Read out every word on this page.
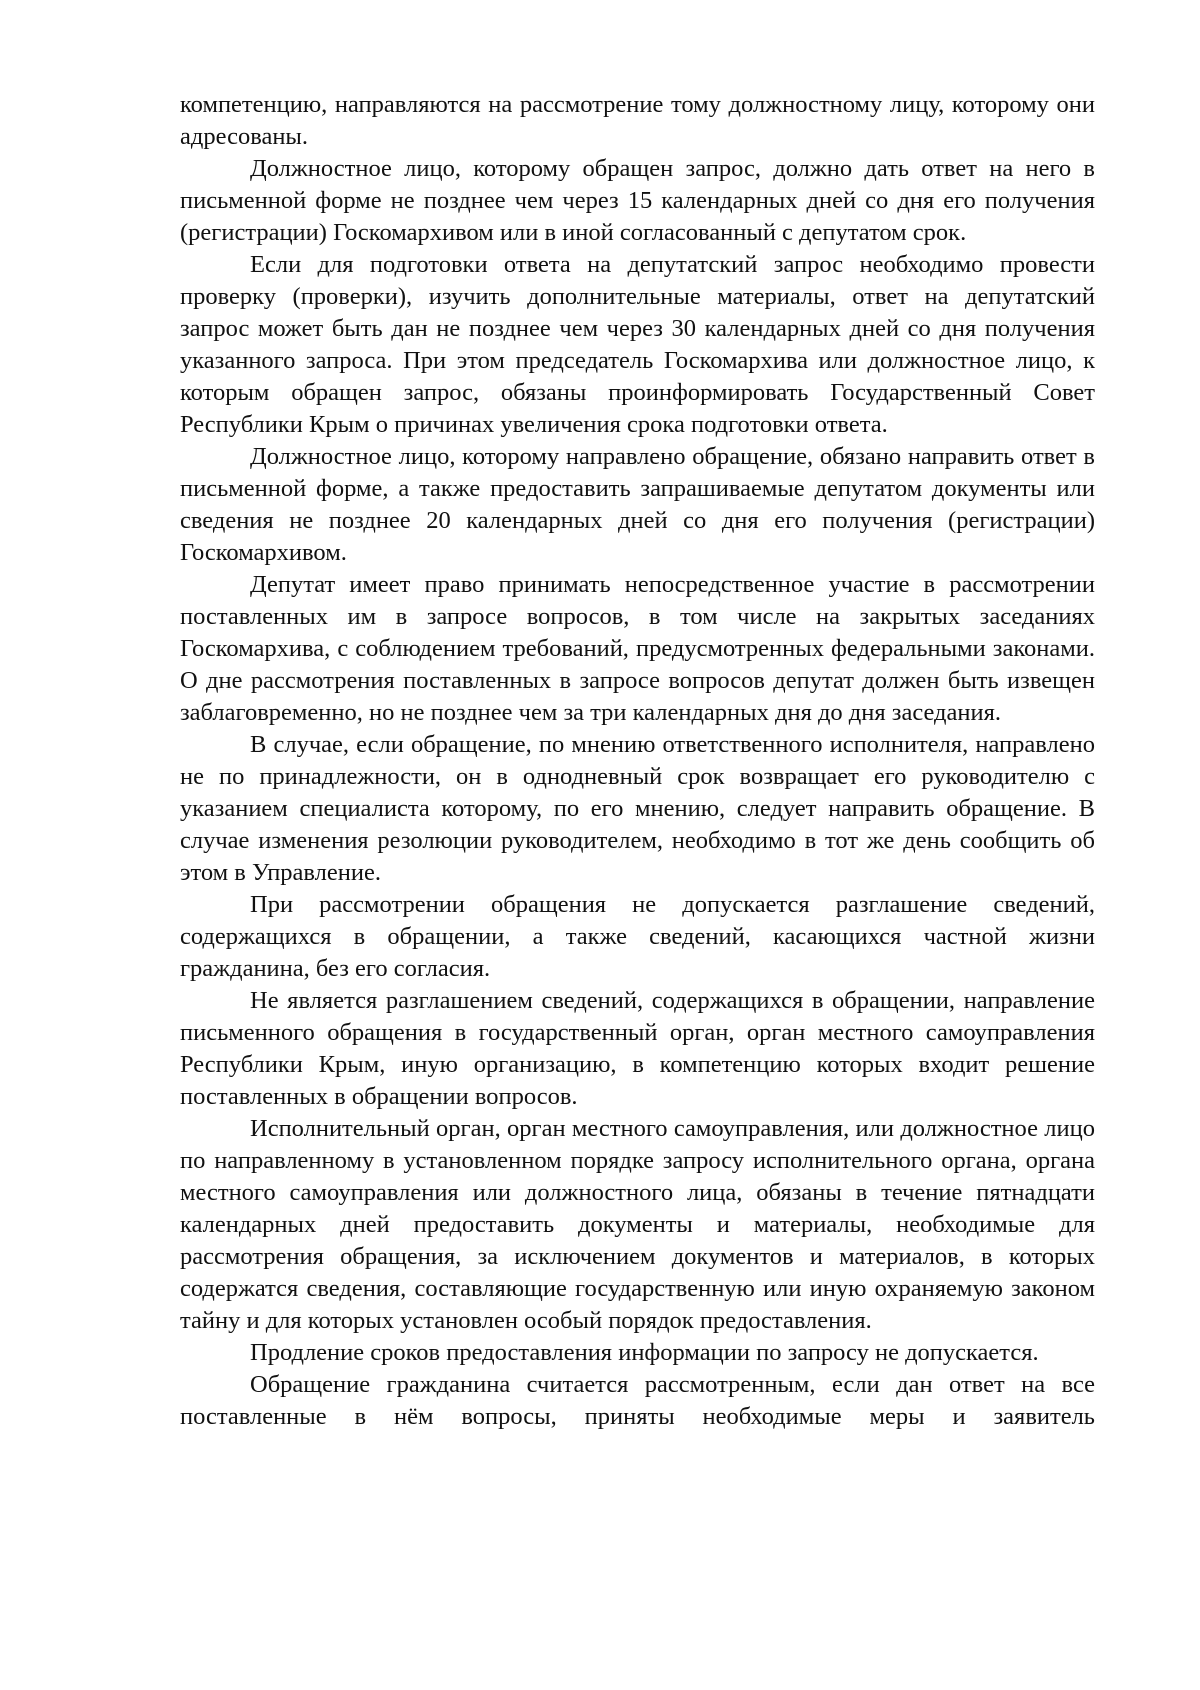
компетенцию, направляются на рассмотрение тому должностному лицу, которому они адресованы.

Должностное лицо, которому обращен запрос, должно дать ответ на него в письменной форме не позднее чем через 15 календарных дней со дня его получения (регистрации) Госкомархивом или в иной согласованный с депутатом срок.

Если для подготовки ответа на депутатский запрос необходимо провести проверку (проверки), изучить дополнительные материалы, ответ на депутатский запрос может быть дан не позднее чем через 30 календарных дней со дня получения указанного запроса. При этом председатель Госкомархива или должностное лицо, к которым обращен запрос, обязаны проинформировать Государственный Совет Республики Крым о причинах увеличения срока подготовки ответа.

Должностное лицо, которому направлено обращение, обязано направить ответ в письменной форме, а также предоставить запрашиваемые депутатом документы или сведения не позднее 20 календарных дней со дня его получения (регистрации) Госкомархивом.

Депутат имеет право принимать непосредственное участие в рассмотрении поставленных им в запросе вопросов, в том числе на закрытых заседаниях Госкомархива, с соблюдением требований, предусмотренных федеральными законами. О дне рассмотрения поставленных в запросе вопросов депутат должен быть извещен заблаговременно, но не позднее чем за три календарных дня до дня заседания.

В случае, если обращение, по мнению ответственного исполнителя, направлено не по принадлежности, он в однодневный срок возвращает его руководителю с указанием специалиста которому, по его мнению, следует направить обращение. В случае изменения резолюции руководителем, необходимо в тот же день сообщить об этом в Управление.

При рассмотрении обращения не допускается разглашение сведений, содержащихся в обращении, а также сведений, касающихся частной жизни гражданина, без его согласия.

Не является разглашением сведений, содержащихся в обращении, направление письменного обращения в государственный орган, орган местного самоуправления Республики Крым, иную организацию, в компетенцию которых входит решение поставленных в обращении вопросов.

Исполнительный орган, орган местного самоуправления, или должностное лицо по направленному в установленном порядке запросу исполнительного органа, органа местного самоуправления или должностного лица, обязаны в течение пятнадцати календарных дней предоставить документы и материалы, необходимые для рассмотрения обращения, за исключением документов и материалов, в которых содержатся сведения, составляющие государственную или иную охраняемую законом тайну и для которых установлен особый порядок предоставления.

Продление сроков предоставления информации по запросу не допускается.

Обращение гражданина считается рассмотренным, если дан ответ на все поставленные в нём вопросы, приняты необходимые меры и заявитель
